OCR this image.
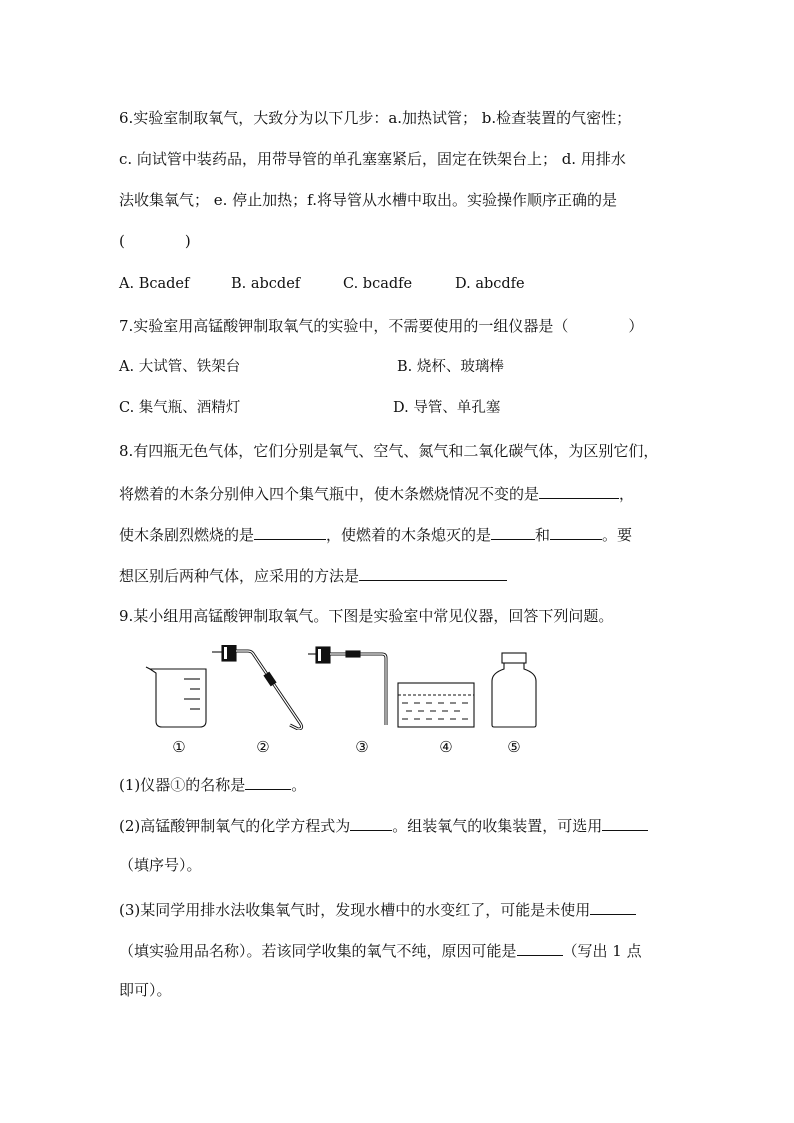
6.实验室制取氧气，大致分为以下几步：a.加热试管； b.检查装置的气密性；
c. 向试管中装药品，用带导管的单孔塞塞紧后，固定在铁架台上； d. 用排水
法收集氧气； e. 停止加热；f.将导管从水槽中取出。实验操作顺序正确的是
(　　　　)
A. Bcadef	B. abcdef	C. bcadfe	D. abcdfe
7.实验室用高锰酸钾制取氧气的实验中，不需要使用的一组仪器是（　　　　）
A. 大试管、铁架台	B. 烧杯、玻璃棒
C. 集气瓶、酒精灯	D. 导管、单孔塞
8.有四瓶无色气体，它们分别是氧气、空气、氮气和二氧化碳气体，为区别它们，
将燃着的木条分别伸入四个集气瓶中，使木条燃烧情况不变的是	，
使木条剧烈燃烧的是	，使燃着的木条熄灭的是	和	。要
想区别后两种气体，应采用的方法是
9.某小组用高锰酸钾制取氧气。下图是实验室中常见仪器，回答下列问题。
①	②	③	④	⑤
(1)仪器①的名称是	。
(2)高锰酸钾制氧气的化学方程式为	。组装氧气的收集装置，可选用
（填序号）。
(3)某同学用排水法收集氧气时，发现水槽中的水变红了，可能是未使用
（填实验用品名称）。若该同学收集的氧气不纯，原因可能是	（写出 1 点
即可）。
